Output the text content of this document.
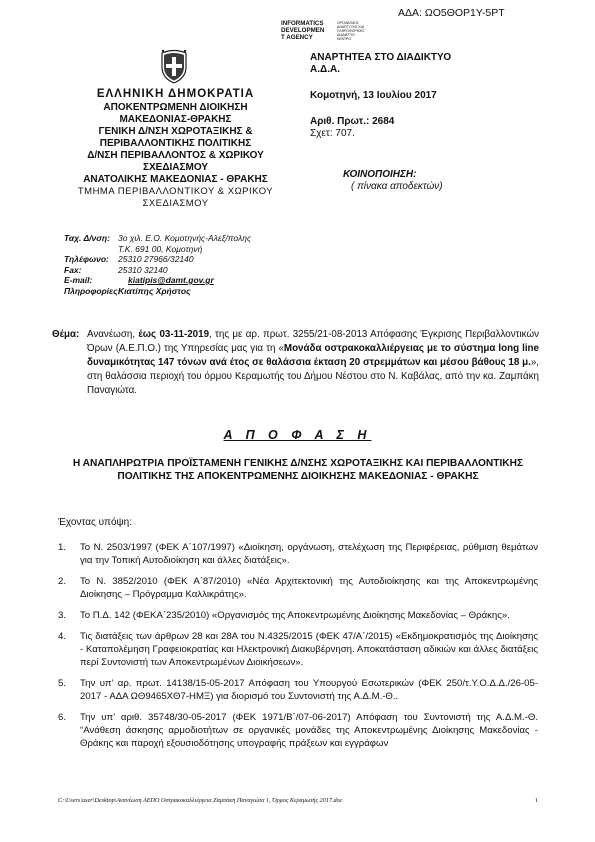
ΑΔΑ: ΩΟ5ΘΟΡ1Υ-5ΡΤ
INFORMATICS
DEVELOPMEN
T AGENCY
ΟΡΓΑΝΙΣΜΟΣ
ΑΝΑΠΤΥΞΗΣ ΚΑΙ
ΠΛΗΡΟΦΟΡΙΚΗΣ
ΔΙΑΔΙΚΤΥΟ
ΚΕΝΤΡΟ
ΕΛΛΗΝΙΚΗ ΔΗΜΟΚΡΑΤΙΑ
ΑΠΟΚΕΝΤΡΩΜΕΝΗ ΔΙΟΙΚΗΣΗ
ΜΑΚΕΔΟΝΙΑΣ-ΘΡΑΚΗΣ
ΓΕΝΙΚΗ Δ/ΝΣΗ ΧΩΡΟΤΑΞΙΚΗΣ &
ΠΕΡΙΒΑΛΛΟΝΤΙΚΗΣ ΠΟΛΙΤΙΚΗΣ
Δ/ΝΣΗ ΠΕΡΙΒΑΛΛΟΝΤΟΣ & ΧΩΡΙΚΟΥ
ΣΧΕΔΙΑΣΜΟΥ
ΑΝΑΤΟΛΙΚΗΣ ΜΑΚΕΔΟΝΙΑΣ - ΘΡΑΚΗΣ
ΤΜΗΜΑ ΠΕΡΙΒΑΛΛΟΝΤΙΚΟΥ & ΧΩΡΙΚΟΥ
ΣΧΕΔΙΑΣΜΟΥ
ΑΝΑΡΤΗΤΕΑ ΣΤΟ ΔΙΑΔΙΚΤΥΟ
Α.Δ.Α.
Κομοτηνή, 13 Ιουλίου 2017
Αριθ. Πρωτ.: 2684
Σχετ: 707.
ΚΟΙΝΟΠΟΙΗΣΗ:
( πίνακα αποδεκτών)
Ταχ. Δ/νση: 3ο χιλ. Ε.Ο. Κομοτηνής-Αλεξ/πολης
Τ.Κ. 691 00, Κομοτηνή
Τηλέφωνο: 25310 27966/32140
Fax:	25310 32140
E-mail:	kiatipis@damt.gov.gr
Πληροφορίες:Κιατίπης Χρήστος
Θέμα: Ανανέωση, έως 03-11-2019, της με αρ. πρωτ. 3255/21-08-2013 Απόφασης Έγκρισης Περιβαλλοντικών Όρων (Α.Ε.Π.Ο.) της Υπηρεσίας μας για τη «Μονάδα οστρακοκαλλιέργειας με το σύστημα long line δυναμικότητας 147 τόνων ανά έτος σε θαλάσσια έκταση 20 στρεμμάτων και μέσου βάθους 18 μ.», στη θαλάσσια περιοχή του όρμου Κεραμωτής του Δήμου Νέστου στο Ν. Καβάλας, από την κα. Ζαμπάκη Παναγιώτα.
Α Π Ο Φ Α Σ Η
Η ΑΝΑΠΛΗΡΩΤΡΙΑ ΠΡΟΪΣΤΑΜΕΝΗ ΓΕΝΙΚΗΣ Δ/ΝΣΗΣ ΧΩΡΟΤΑΞΙΚΗΣ ΚΑΙ ΠΕΡΙΒΑΛΛΟΝΤΙΚΗΣ ΠΟΛΙΤΙΚΗΣ ΤΗΣ ΑΠΟΚΕΝΤΡΩΜΕΝΗΣ ΔΙΟΙΚΗΣΗΣ ΜΑΚΕΔΟΝΙΑΣ - ΘΡΑΚΗΣ
Έχοντας υπόψη:
1. Το Ν. 2503/1997 (ΦΕΚ Α΄107/1997) «Διοίκηση, οργάνωση, στελέχωση της Περιφέρειας, ρύθμιση θεμάτων για την Τοπική Αυτοδιοίκηση και άλλες διατάξεις».
2. Το Ν. 3852/2010 (ΦΕΚ Α΄87/2010) «Νέα Αρχιτεκτονική της Αυτοδιοίκησης και της Αποκεντρωμένης Διοίκησης – Πρόγραμμα Καλλικράτης».
3. Το Π.Δ. 142 (ΦΕΚΑ΄235/2010) «Οργανισμός της Αποκεντρωμένης Διοίκησης Μακεδονίας – Θράκης».
4. Τις διατάξεις των άρθρων 28 και 28Α του Ν.4325/2015 (ΦΕΚ 47/Α΄/2015) «Εκδημοκρατισμός της Διοίκησης - Καταπολέμηση Γραφειοκρατίας και Ηλεκτρονική Διακυβέρνηση. Αποκατάσταση αδικιών και άλλες διατάξεις περί Συντονιστή των Αποκεντρωμένων Διοικήσεων».
5. Την υπ’ αρ. πρωτ. 14138/15-05-2017 Απόφαση του Υπουργού Εσωτερικών (ΦΕΚ 250/τ.Υ.Ο.Δ.Δ./26-05-2017 - ΑΔΑ ΩΘ9465ΧΘ7-ΗΜΞ) για διορισμό του Συντονιστή της Α.Δ.Μ.-Θ..
6. Την υπ’ αριθ. 35748/30-05-2017 (ΦΕΚ 1971/Β΄/07-06-2017) Απόφαση του Συντονιστή της Α.Δ.Μ.-Θ. “Ανάθεση άσκησης αρμοδιοτήτων σε οργανικές μονάδες της Αποκεντρωμένης Διοίκησης Μακεδονίας - Θράκης και παροχή εξουσιοδότησης υπογραφής πράξεων και εγγράφων
C:\Users\user\Desktop\Ανανέωση ΑΕΠΟ Οστρακοκαλλιέργεια Ζαμπάκη Παναγιώτα 1, Όρμος Κεραμωτής 2017.doc	1
